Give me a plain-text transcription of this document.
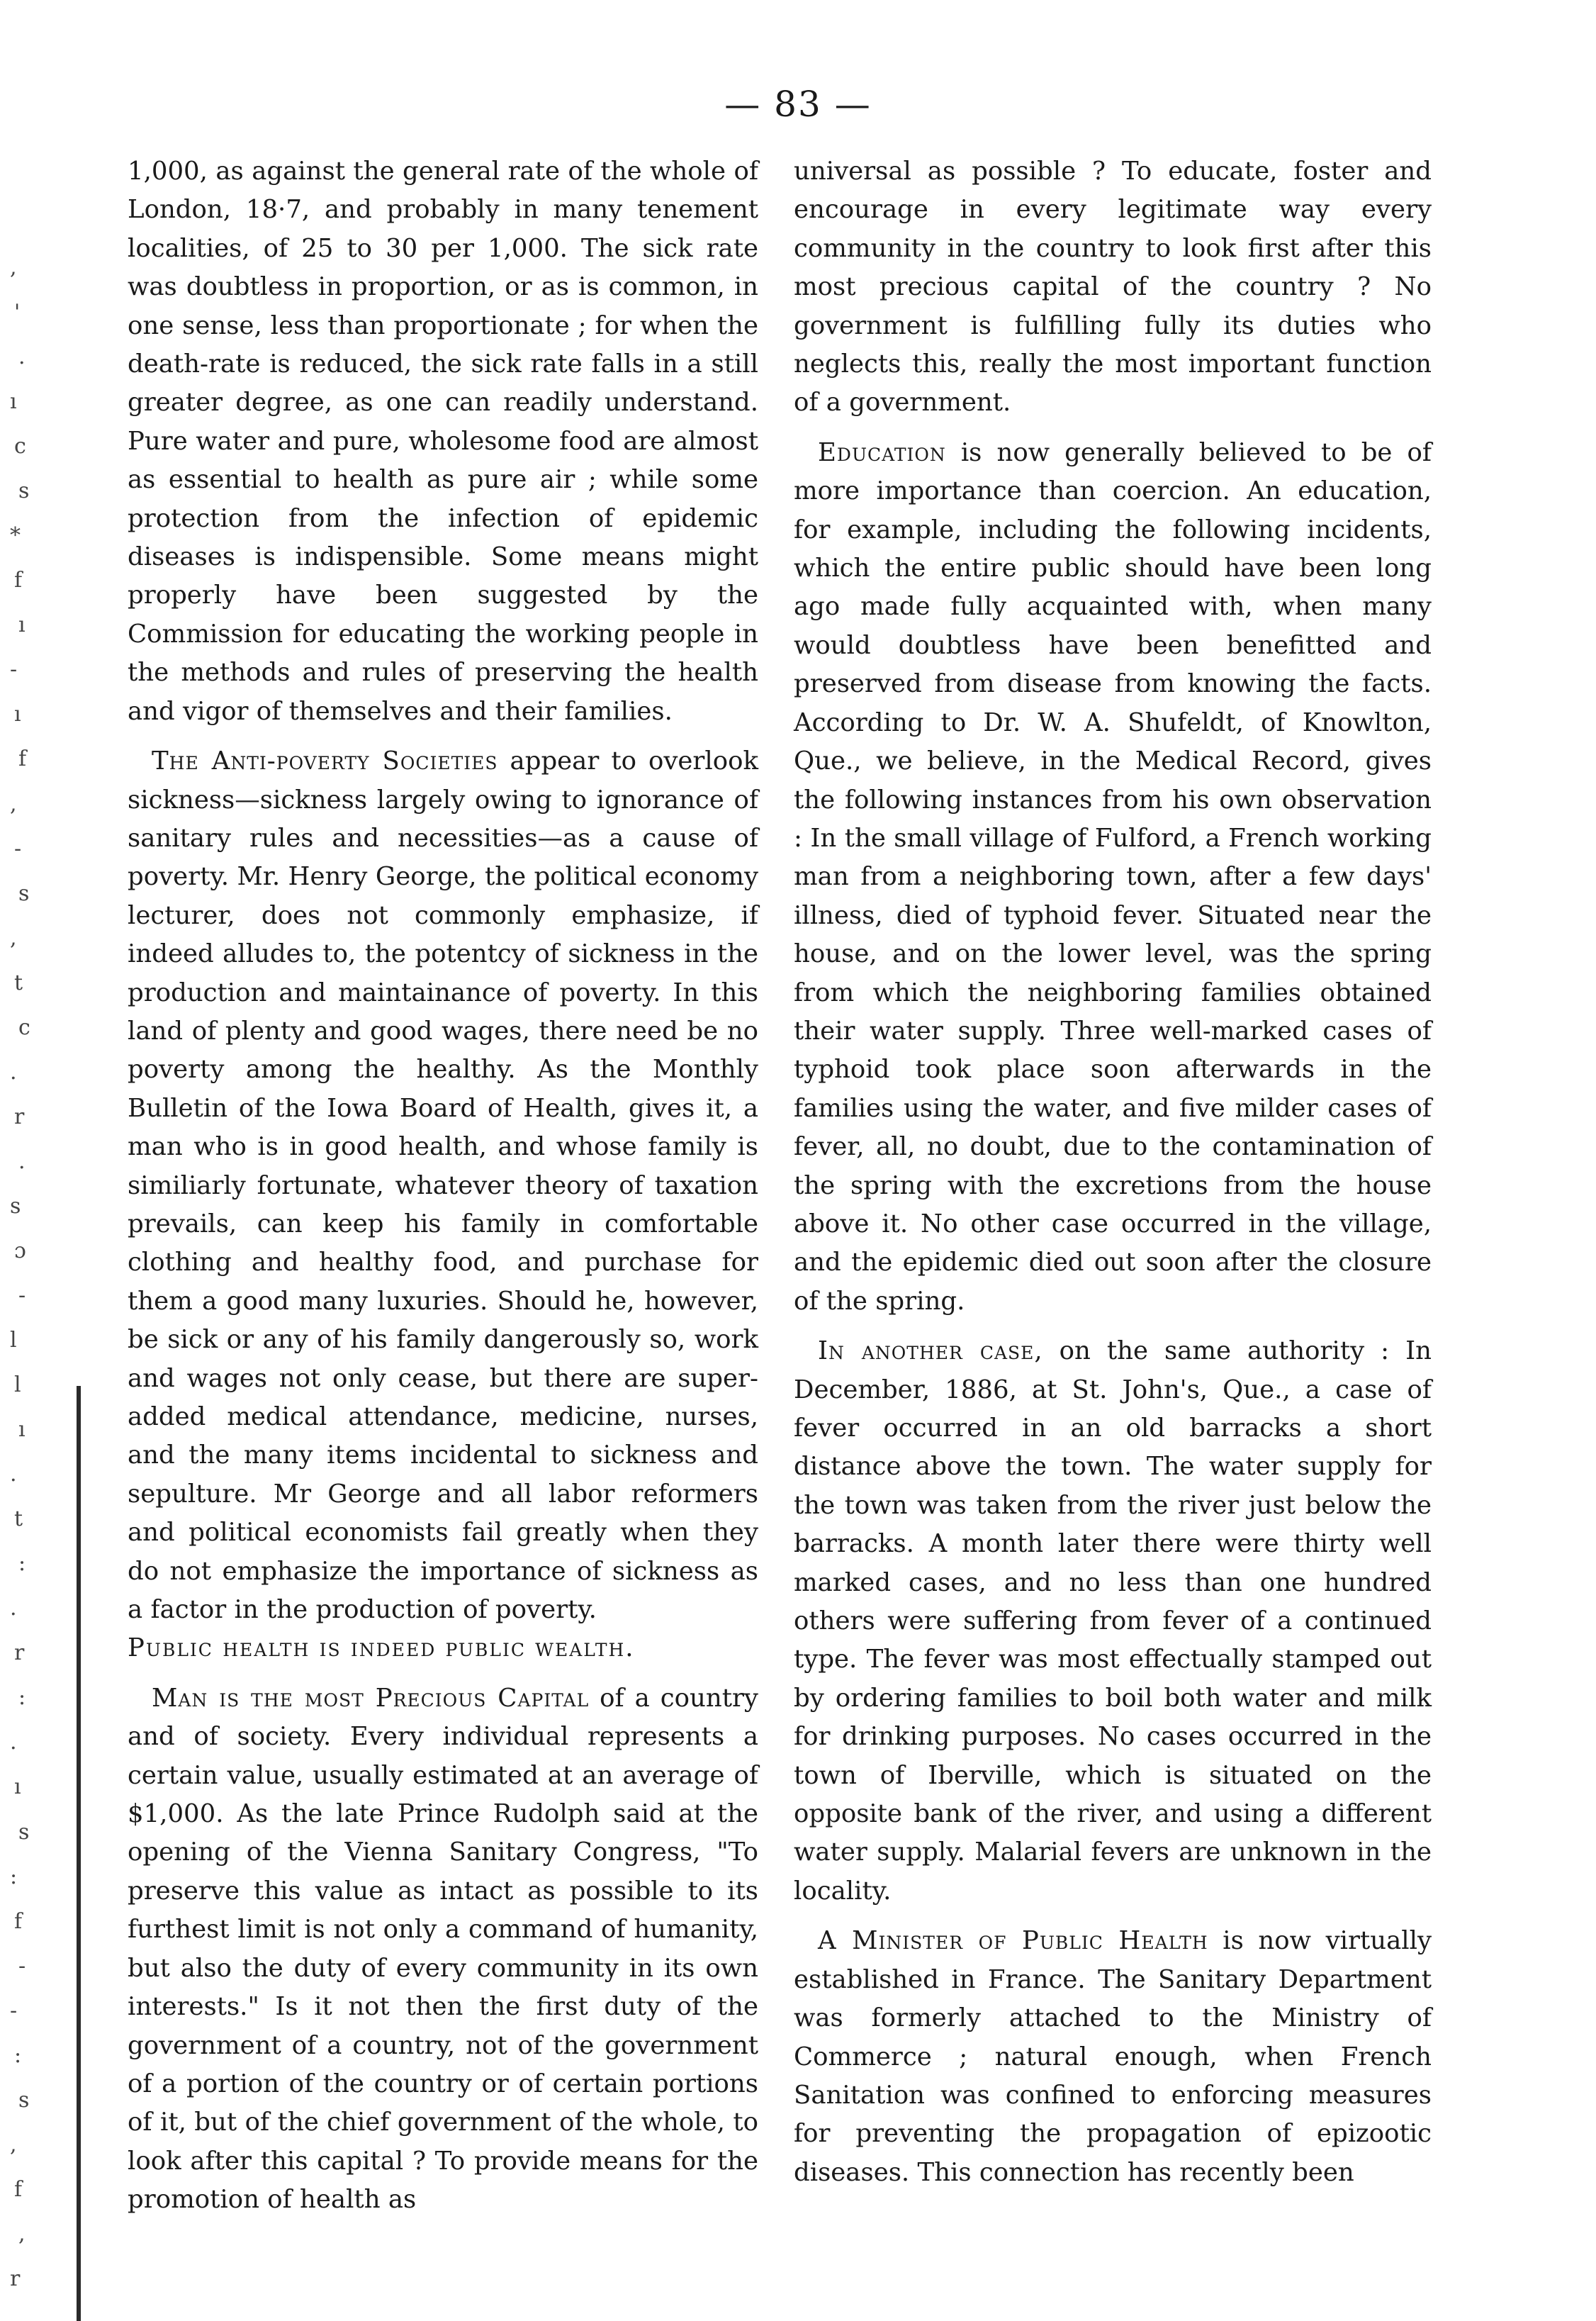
— 83 —
,
'
.
ı
c
s
*
f
ı
-
ı
f
,
-
s
,
t
c
.
r
.
s
ɔ
-
l
l
ı
.
t
:
.
r
:
.
ı
s
:
f
-
-
:
s
,
f
,
r

1,000, as against the general rate of the whole of London, 18·7, and probably in many tenement localities, of 25 to 30 per 1,000. The sick rate was doubtless in proportion, or as is common, in one sense, less than proportionate ; for when the death-rate is reduced, the sick rate falls in a still greater degree, as one can readily understand. Pure water and pure, wholesome food are almost as essential to health as pure air ; while some protection from the infection of epidemic diseases is indispensible. Some means might properly have been suggested by the Commission for educating the working people in the methods and rules of preserving the health and vigor of themselves and their families.

The Anti-poverty Societies appear to overlook sickness—sickness largely owing to ignorance of sanitary rules and necessities—as a cause of poverty. Mr. Henry George, the political economy lecturer, does not commonly emphasize, if indeed alludes to, the potentcy of sickness in the production and maintainance of poverty. In this land of plenty and good wages, there need be no poverty among the healthy. As the Monthly Bulletin of the Iowa Board of Health, gives it, a man who is in good health, and whose family is similiarly fortunate, whatever theory of taxation prevails, can keep his family in comfortable clothing and healthy food, and purchase for them a good many luxuries. Should he, however, be sick or any of his family dangerously so, work and wages not only cease, but there are super-added medical attendance, medicine, nurses, and the many items incidental to sickness and sepulture. Mr George and all labor reformers and political economists fail greatly when they do not emphasize the importance of sickness as a factor in the production of poverty.
Public health is indeed public wealth.

Man is the most Precious Capital of a country and of society. Every individual represents a certain value, usually estimated at an average of $1,000. As the late Prince Rudolph said at the opening of the Vienna Sanitary Congress, "To preserve this value as intact as possible to its furthest limit is not only a command of humanity, but also the duty of every community in its own interests." Is it not then the first duty of the government of a country, not of the government of a portion of the country or of certain portions of it, but of the chief government of the whole, to look after this capital ? To provide means for the promotion of health as

universal as possible ? To educate, foster and encourage in every legitimate way every community in the country to look first after this most precious capital of the country ? No government is fulfilling fully its duties who neglects this, really the most important function of a government.

Education is now generally believed to be of more importance than coercion. An education, for example, including the following incidents, which the entire public should have been long ago made fully acquainted with, when many would doubtless have been benefitted and preserved from disease from knowing the facts. According to Dr. W. A. Shufeldt, of Knowlton, Que., we believe, in the Medical Record, gives the following instances from his own observation : In the small village of Fulford, a French working man from a neighboring town, after a few days' illness, died of typhoid fever. Situated near the house, and on the lower level, was the spring from which the neighboring families obtained their water supply. Three well-marked cases of typhoid took place soon afterwards in the families using the water, and five milder cases of fever, all, no doubt, due to the contamination of the spring with the excretions from the house above it. No other case occurred in the village, and the epidemic died out soon after the closure of the spring.

In another case, on the same authority : In December, 1886, at St. John's, Que., a case of fever occurred in an old barracks a short distance above the town. The water supply for the town was taken from the river just below the barracks. A month later there were thirty well marked cases, and no less than one hundred others were suffering from fever of a continued type. The fever was most effectually stamped out by ordering families to boil both water and milk for drinking purposes. No cases occurred in the town of Iberville, which is situated on the opposite bank of the river, and using a different water supply. Malarial fevers are unknown in the locality.

A Minister of Public Health is now virtually established in France. The Sanitary Department was formerly attached to the Ministry of Commerce ; natural enough, when French Sanitation was confined to enforcing measures for preventing the propagation of epizootic diseases. This connection has recently been
